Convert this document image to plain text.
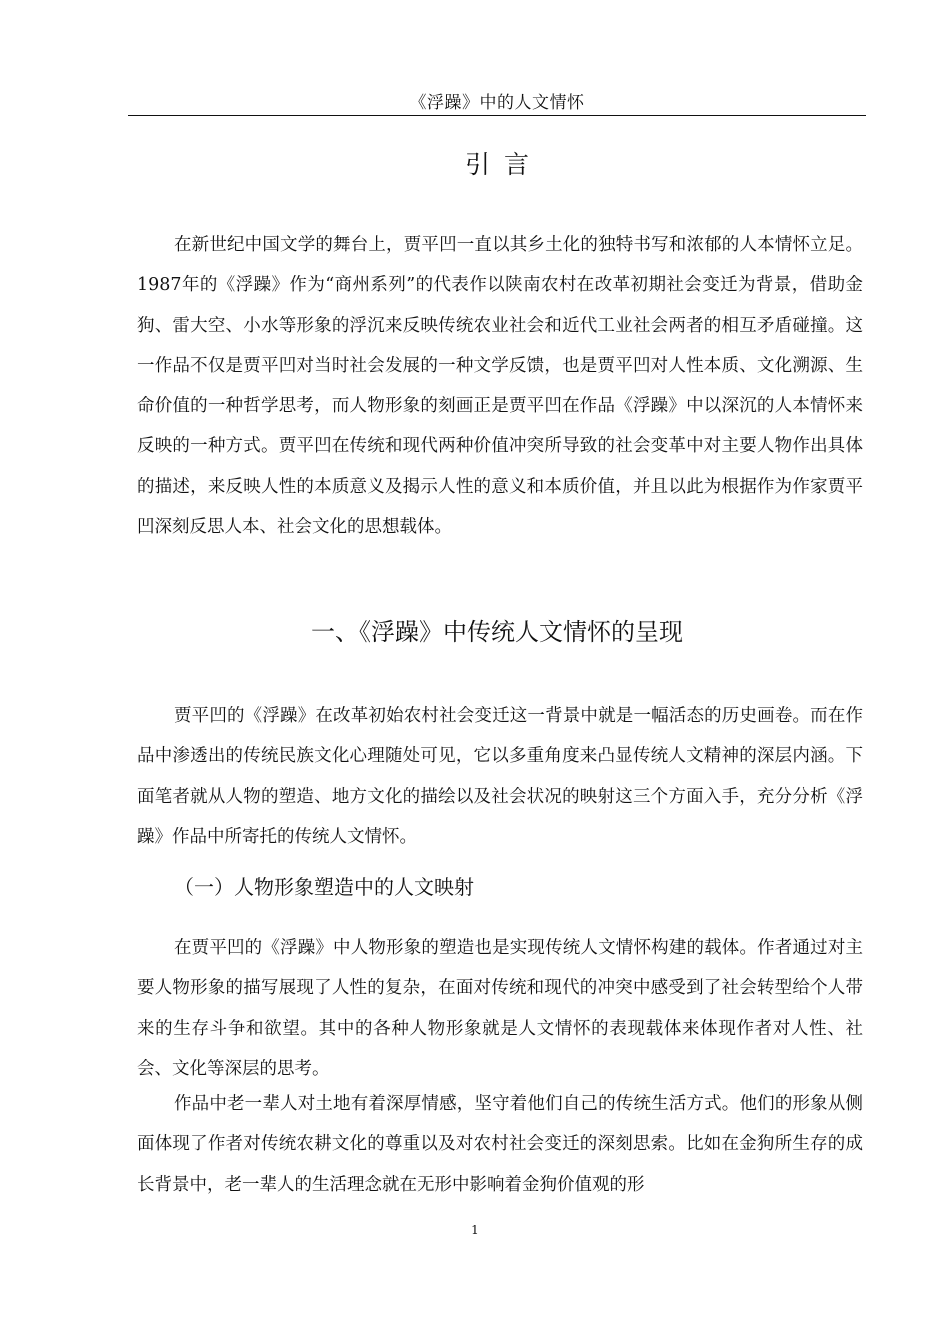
《浮躁》中的人文情怀
引言

在新世纪中国文学的舞台上，贾平凹一直以其乡土化的独特书写和浓郁的人本情怀立足。1987年的《浮躁》作为“商州系列”的代表作以陕南农村在改革初期社会变迁为背景，借助金狗、雷大空、小水等形象的浮沉来反映传统农业社会和近代工业社会两者的相互矛盾碰撞。这一作品不仅是贾平凹对当时社会发展的一种文学反馈，也是贾平凹对人性本质、文化溯源、生命价值的一种哲学思考，而人物形象的刻画正是贾平凹在作品《浮躁》中以深沉的人本情怀来反映的一种方式。贾平凹在传统和现代两种价值冲突所导致的社会变革中对主要人物作出具体的描述，来反映人性的本质意义及揭示人性的意义和本质价值，并且以此为根据作为作家贾平凹深刻反思人本、社会文化的思想载体。

一、《浮躁》中传统人文情怀的呈现

贾平凹的《浮躁》在改革初始农村社会变迁这一背景中就是一幅活态的历史画卷。而在作品中渗透出的传统民族文化心理随处可见，它以多重角度来凸显传统人文精神的深层内涵。下面笔者就从人物的塑造、地方文化的描绘以及社会状况的映射这三个方面入手，充分分析《浮躁》作品中所寄托的传统人文情怀。

（一）人物形象塑造中的人文映射

在贾平凹的《浮躁》中人物形象的塑造也是实现传统人文情怀构建的载体。作者通过对主要人物形象的描写展现了人性的复杂，在面对传统和现代的冲突中感受到了社会转型给个人带来的生存斗争和欲望。其中的各种人物形象就是人文情怀的表现载体来体现作者对人性、社会、文化等深层的思考。

作品中老一辈人对土地有着深厚情感，坚守着他们自己的传统生活方式。他们的形象从侧面体现了作者对传统农耕文化的尊重以及对农村社会变迁的深刻思索。比如在金狗所生存的成长背景中，老一辈人的生活理念就在无形中影响着金狗价值观的形

1
